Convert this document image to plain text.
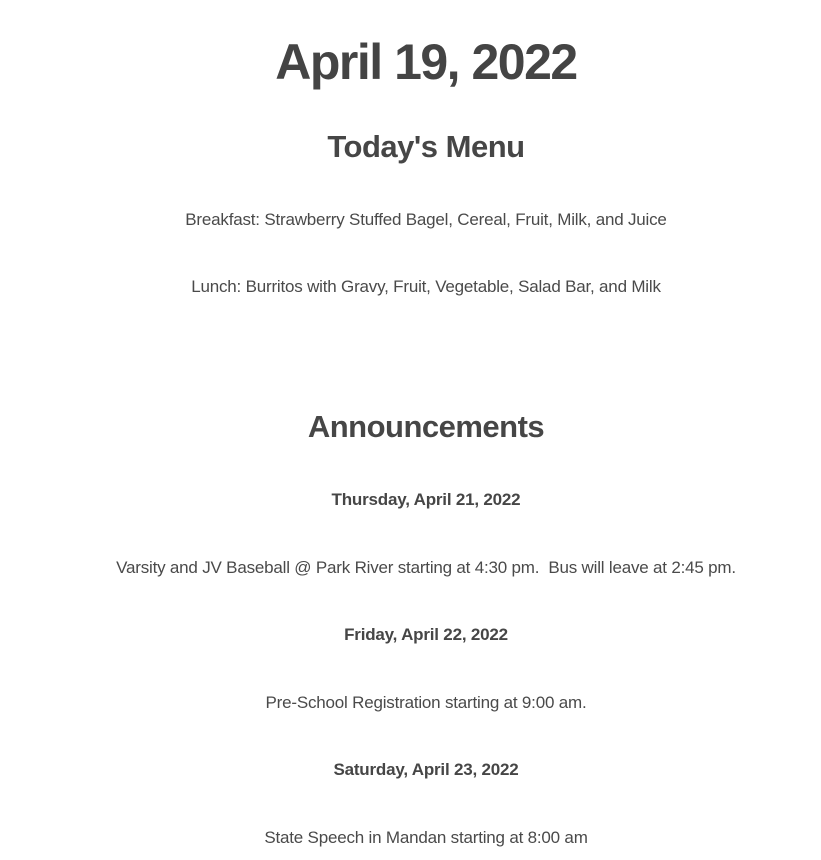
April 19, 2022
Today's Menu

Breakfast: Strawberry Stuffed Bagel, Cereal, Fruit, Milk, and Juice

Lunch: Burritos with Gravy, Fruit, Vegetable, Salad Bar, and Milk

Announcements

Thursday, April 21, 2022

Varsity and JV Baseball @ Park River starting at 4:30 pm.  Bus will leave at 2:45 pm.

Friday, April 22, 2022

Pre-School Registration starting at 9:00 am.

Saturday, April 23, 2022

State Speech in Mandan starting at 8:00 am
